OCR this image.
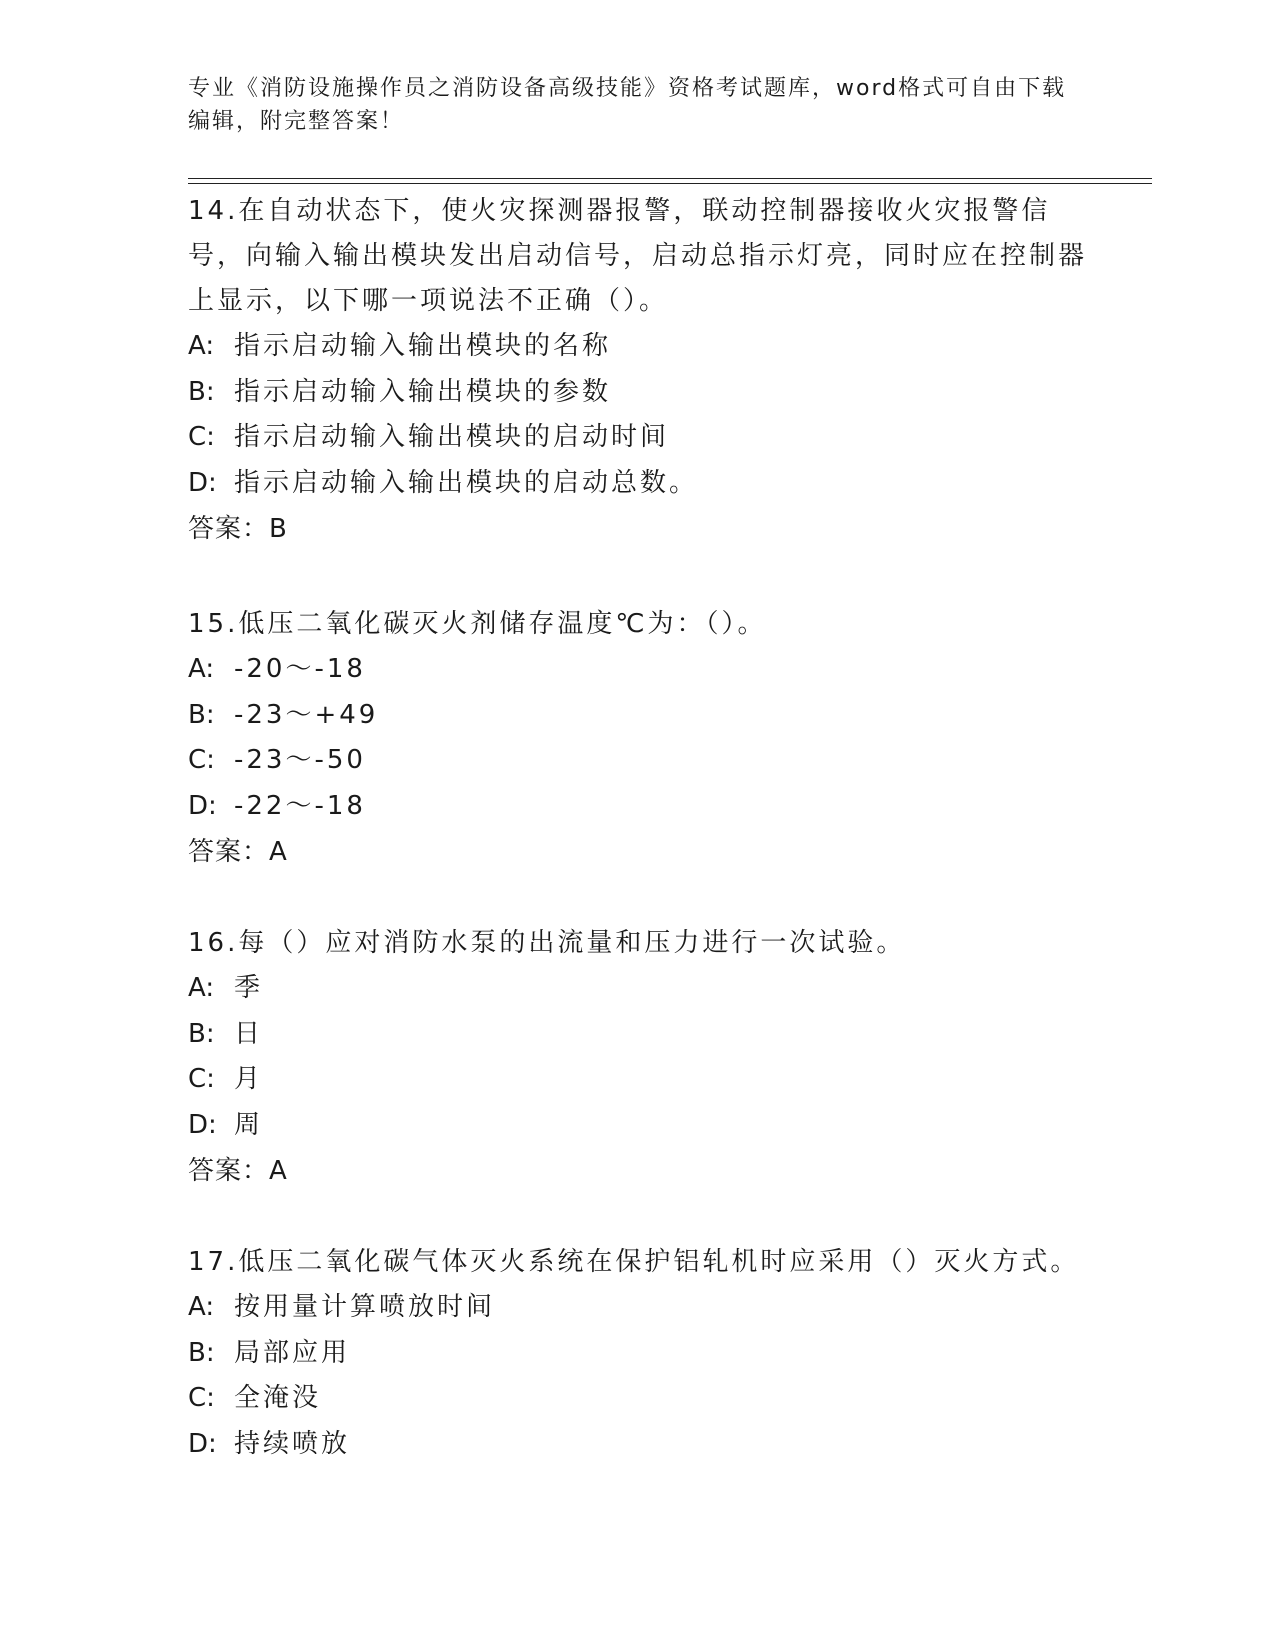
专业《消防设施操作员之消防设备高级技能》资格考试题库，word格式可自由下载编辑，附完整答案！

14.在自动状态下，使火灾探测器报警，联动控制器接收火灾报警信号，向输入输出模块发出启动信号，启动总指示灯亮，同时应在控制器上显示，以下哪一项说法不正确（）。

A: 指示启动输入输出模块的名称

B: 指示启动输入输出模块的参数

C: 指示启动输入输出模块的启动时间

D: 指示启动输入输出模块的启动总数。

答案：B

15.低压二氧化碳灭火剂储存温度℃为：（）。

A: -20～-18

B: -23～+49

C: -23～-50

D: -22～-18

答案：A

16.每（）应对消防水泵的出流量和压力进行一次试验。

A: 季

B: 日

C: 月

D: 周

答案：A

17.低压二氧化碳气体灭火系统在保护铝轧机时应采用（）灭火方式。

A: 按用量计算喷放时间

B: 局部应用

C: 全淹没

D: 持续喷放
